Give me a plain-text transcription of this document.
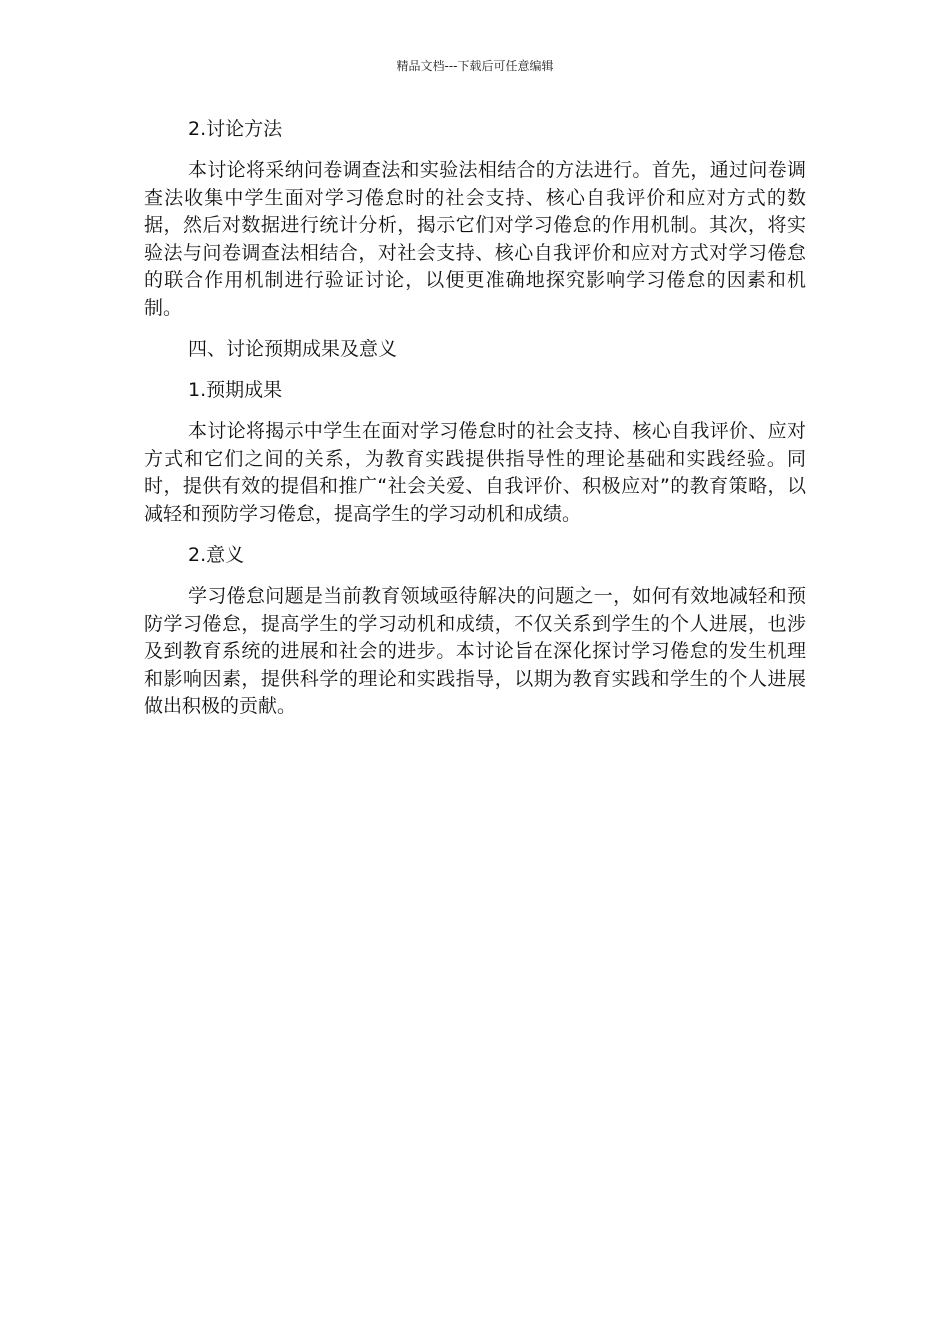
精品文档---下载后可任意编辑
2.讨论方法

本讨论将采纳问卷调查法和实验法相结合的方法进行。首先，通过问卷调查法收集中学生面对学习倦怠时的社会支持、核心自我评价和应对方式的数据，然后对数据进行统计分析，揭示它们对学习倦怠的作用机制。其次，将实验法与问卷调查法相结合，对社会支持、核心自我评价和应对方式对学习倦怠的联合作用机制进行验证讨论，以便更准确地探究影响学习倦怠的因素和机制。

四、讨论预期成果及意义
1.预期成果

本讨论将揭示中学生在面对学习倦怠时的社会支持、核心自我评价、应对方式和它们之间的关系，为教育实践提供指导性的理论基础和实践经验。同时，提供有效的提倡和推广“社会关爱、自我评价、积极应对”的教育策略，以减轻和预防学习倦怠，提高学生的学习动机和成绩。

2.意义

学习倦怠问题是当前教育领域亟待解决的问题之一，如何有效地减轻和预防学习倦怠，提高学生的学习动机和成绩，不仅关系到学生的个人进展，也涉及到教育系统的进展和社会的进步。本讨论旨在深化探讨学习倦怠的发生机理和影响因素，提供科学的理论和实践指导，以期为教育实践和学生的个人进展做出积极的贡献。
